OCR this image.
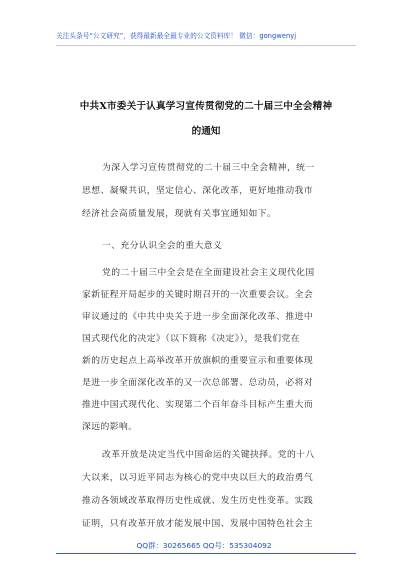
关注头条号“公文研究”，获得最新最全最专业的公文资料库！ 微信：gongwenyj
中共X市委关于认真学习宣传贯彻党的二十届三中全会精神
的通知
为深入学习宣传贯彻党的二十届三中全会精神，统一
思想、凝聚共识，坚定信心、深化改革，更好地推动我市
经济社会高质量发展，现就有关事宜通知如下。
一、充分认识全会的重大意义
党的二十届三中全会是在全面建设社会主义现代化国
家新征程开局起步的关键时期召开的一次重要会议。全会
审议通过的《中共中央关于进一步全面深化改革、推进中
国式现代化的决定》（以下简称《决定》），是我们党在
新的历史起点上高举改革开放旗帜的重要宣示和重要体现
是进一步全面深化改革的又一次总部署、总动员，必将对
推进中国式现代化、实现第二个百年奋斗目标产生重大而
深远的影响。
改革开放是决定当代中国命运的关键抉择。党的十八
大以来，以习近平同志为核心的党中央以巨大的政治勇气
推动各领域改革取得历史性成就、发生历史性变革。实践
证明，只有改革开放才能发展中国、发展中国特色社会主
QQ群：30265665 QQ号：535304092
